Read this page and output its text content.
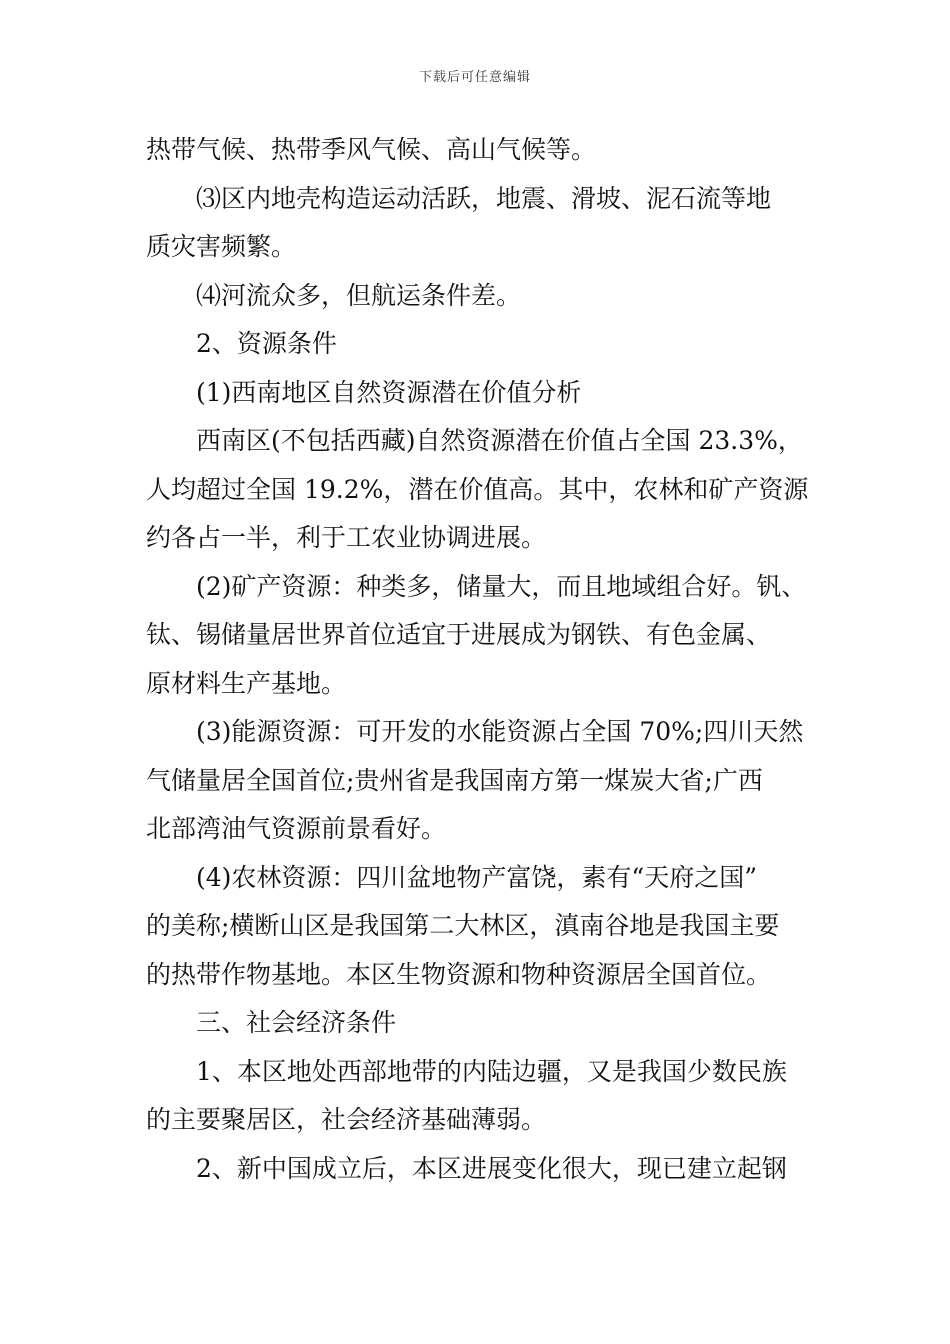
下载后可任意编辑
热带气候、热带季风气候、高山气候等。
⑶区内地壳构造运动活跃，地震、滑坡、泥石流等地
质灾害频繁。
⑷河流众多，但航运条件差。
2、资源条件
(1)西南地区自然资源潜在价值分析
西南区(不包括西藏)自然资源潜在价值占全国 23.3%，
人均超过全国 19.2%，潜在价值高。其中，农林和矿产资源
约各占一半，利于工农业协调进展。
(2)矿产资源：种类多，储量大，而且地域组合好。钒、
钛、锡储量居世界首位适宜于进展成为钢铁、有色金属、
原材料生产基地。
(3)能源资源：可开发的水能资源占全国 70%;四川天然
气储量居全国首位;贵州省是我国南方第一煤炭大省;广西
北部湾油气资源前景看好。
(4)农林资源：四川盆地物产富饶，素有“天府之国”
的美称;横断山区是我国第二大林区，滇南谷地是我国主要
的热带作物基地。本区生物资源和物种资源居全国首位。
三、社会经济条件
1、本区地处西部地带的内陆边疆，又是我国少数民族
的主要聚居区，社会经济基础薄弱。
2、新中国成立后，本区进展变化很大，现已建立起钢
